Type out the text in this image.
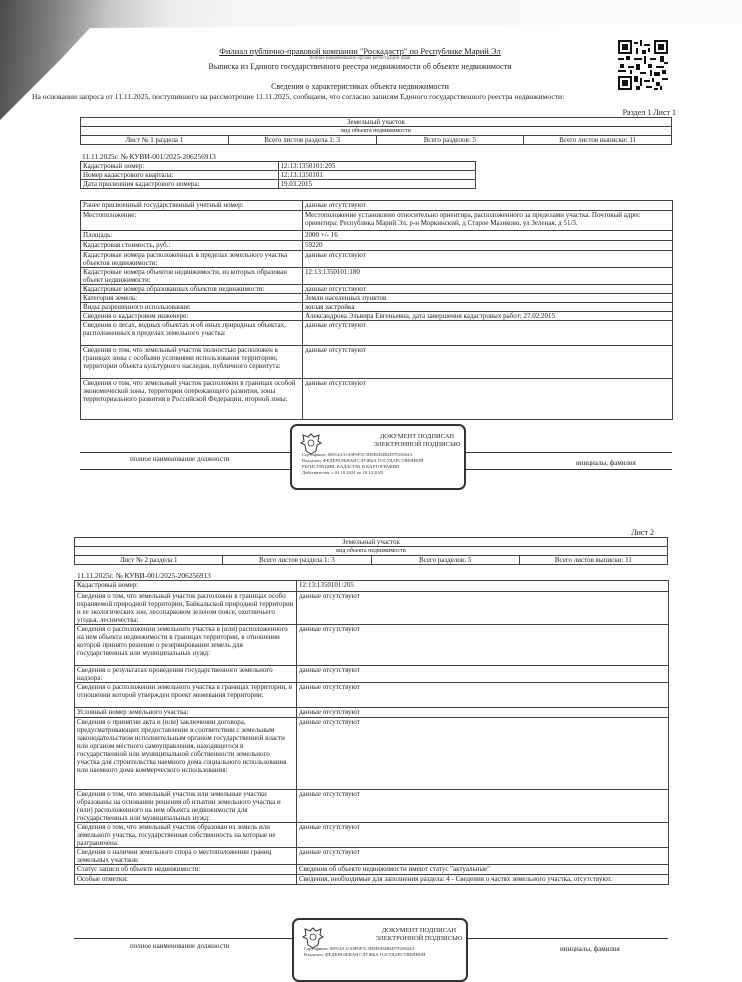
Филиал публично-правовой компании "Роскадастр" по Республике Марий Эл
полное наименование органа регистрации прав
Выписка из Единого государственного реестра недвижимости об объекте недвижимости
Сведения о характеристиках объекта недвижимости
На основании запроса от 11.11.2025, поступившего на рассмотрение 11.11.2025, сообщаем, что согласно записям Единого государственного реестра недвижимости:
Раздел 1 Лист 1
Земельный участок
вид объекта недвижимости
Лист № 1 раздела 1	Всего листов раздела 1: 3	Всего разделов: 5	Всего листов выписки: 11
11.11.2025г. № КУВИ-001/2025-206256913
Кадастровый номер:	12:13:1350101:205
Номер кадастрового квартала:	12:13:1350101
Дата присвоения кадастрового номера:	19.03.2015
Ранее присвоенный государственный учетный номер:	данные отсутствуют
Местоположение:	Местоположение установлено относительно ориентира, расположенного за пределами участка. Почтовый адрес ориентира: Республика Марий Эл, р-н Моркинский, д Старое Мазиково, ул Зеленая, д 51/3.
Площадь:	2000 +/- 16
Кадастровая стоимость, руб.:	59220
Кадастровые номера расположенных в пределах земельного участка объектов недвижимости:	данные отсутствуют
Кадастровые номера объектов недвижимости, из которых образован объект недвижимости:	12:13:1350101:180
Кадастровые номера образованных объектов недвижимости:	данные отсутствуют
Категория земель:	Земли населенных пунктов
Виды разрешенного использования:	жилая застройка
Сведения о кадастровом инженере:	Александрова Эльвира Евгеньевна, дата завершения кадастровых работ: 27.02.2015
Сведения о лесах, водных объектах и об иных природных объектах, расположенных в пределах земельного участка:	данные отсутствуют
Сведения о том, что земельный участок полностью расположен в границах зоны с особыми условиями использования территории, территории объекта культурного наследия, публичного сервитута:	данные отсутствуют
Сведения о том, что земельный участок расположен в границах особой экономической зоны, территории опережающего развития, зоны территориального развития в Российской Федерации, игорной зоны:	данные отсутствуют
полное наименование должности	инициалы, фамилия
ДОКУМЕНТ ПОДПИСАН
ЭЛЕКТРОННОЙ ПОДПИСЬЮ
Сертификат: 00914A31A9F0F5C5D6E6D4B4D7F25604A
Владелец: ФЕДЕРАЛЬНАЯ СЛУЖБА ГОСУДАРСТВЕННОЙ
РЕГИСТРАЦИИ, КАДАСТРА И КАРТОГРАФИИ
Действителен: с 04.10.2024 по 18.12.2025
Лист 2
Земельный участок
вид объекта недвижимости
Лист № 2 раздела 1	Всего листов раздела 1: 3	Всего разделов: 5	Всего листов выписки: 11
11.11.2025г. № КУВИ-001/2025-206256913
Кадастровый номер:	12:13:1350101:205
Сведения о том, что земельный участок расположен в границах особо охраняемой природной территории, Байкальской природной территории и ее экологических зон, лесопарковом зеленом поясе, охотничьего угодья, лесничества:	данные отсутствуют
Сведения о расположении земельного участка в (или) расположенного на нем объекта недвижимости в границах территории, в отношении которой принято решение о резервировании земель для государственных или муниципальных нужд:	данные отсутствуют
Сведения о результатах проведения государственного земельного надзора:	данные отсутствуют
Сведения о расположении земельного участка в границах территории, в отношении которой утвержден проект межевания территории:	данные отсутствуют
Условный номер земельного участка:	данные отсутствуют
Сведения о принятии акта и (или) заключении договора, предусматривающих предоставление в соответствии с земельным законодательством исполнительным органом государственной власти или органом местного самоуправления, находящегося в государственной или муниципальной собственности земельного участка для строительства наемного дома социального использования или наемного дома коммерческого использования:	данные отсутствуют
Сведения о том, что земельный участок или земельные участки образованы на основании решения об изъятии земельного участка и (или) расположенного на нем объекта недвижимости для государственных или муниципальных нужд:	данные отсутствуют
Сведения о том, что земельный участок образован из земель или земельного участка, государственная собственность на которые не разграничена:	данные отсутствуют
Сведения о наличии земельного спора о местоположении границ земельных участков:	данные отсутствуют
Статус записи об объекте недвижимости:	Сведения об объекте недвижимости имеют статус "актуальные"
Особые отметки:	Сведения, необходимые для заполнения раздела: 4 - Сведения о частях земельного участка, отсутствуют.
полное наименование должности	инициалы, фамилия
ДОКУМЕНТ ПОДПИСАН
ЭЛЕКТРОННОЙ ПОДПИСЬЮ
Сертификат: 00914A31A9F0F5C5D6E6D4B4D7F25604A
Владелец: ФЕДЕРАЛЬНАЯ СЛУЖБА ГОСУДАРСТВЕННОЙ
